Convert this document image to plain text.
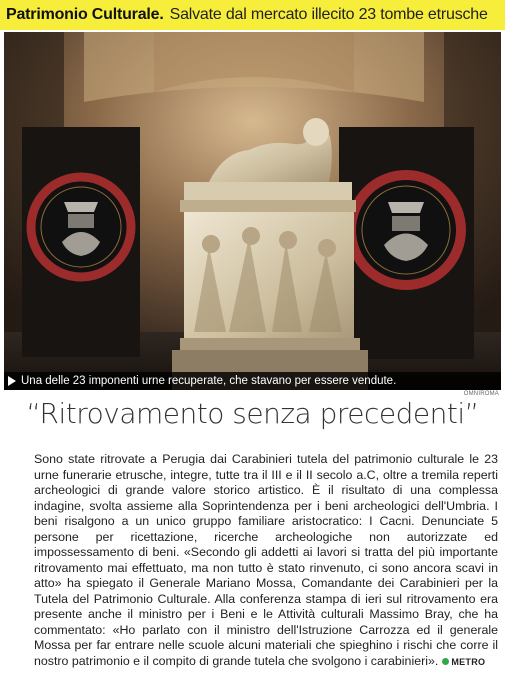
Patrimonio Culturale. Salvate dal mercato illecito 23 tombe etrusche
Una delle 23 imponenti urne recuperate, che stavano per essere vendute.
OMNIROMA
“Ritrovamento senza precedenti”

Sono state ritrovate a Perugia dai Carabinieri tutela del patrimonio culturale le 23 urne funerarie etrusche, integre, tutte tra il III e il II secolo a.C, oltre a tremila reperti archeologici di grande valore storico artistico. È il risultato di una complessa indagine, svolta assieme alla Soprintendenza per i beni archeologici dell'Umbria. I beni risalgono a un unico gruppo familiare aristocratico: I Cacni. Denunciate 5 persone per ricettazione, ricerche archeologiche non autorizzate ed impossessamento di beni. «Secondo gli addetti ai lavori si tratta del più importante ritrovamento mai effettuato, ma non tutto è stato rinvenuto, ci sono ancora scavi in atto» ha spiegato il Generale Mariano Mossa, Comandante dei Carabinieri per la Tutela del Patrimonio Culturale. Alla conferenza stampa di ieri sul ritrovamento era presente anche il ministro per i Beni e le Attività culturali Massimo Bray, che ha commentato: «Ho parlato con il ministro dell'Istruzione Carrozza ed il generale Mossa per far entrare nelle scuole alcuni materiali che spieghino i rischi che corre il nostro patrimonio e il compito di grande tutela che svolgono i carabinieri». METRO
